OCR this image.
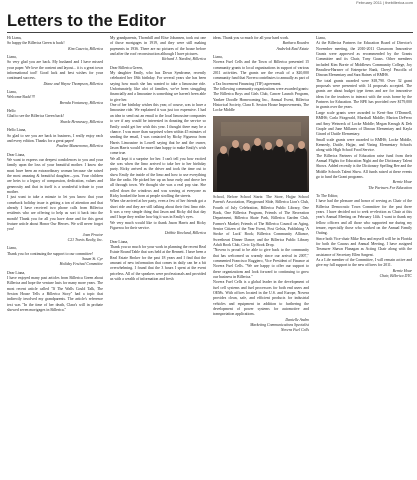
February 2011 | thebillerica.com
Letters to the Editor

Hi Liana,

So happy the Billerica Green is back!

Kim Caserta, Billerica

Liana,

So very glad you are back. My husband and I have missed your paper. We love the content and layout... it is a great town informational tool! Good luck and best wishes for your continued success.

Diane and Wayne Thompson, Billerica

Liana,

Welcome Back!!!!

Brenda Fontanesy, Billerica

Hello

Glad to see the Billerica Green back!

Sharla Hennessey, Billerica

Hello Liana,

So glad to see you are back in business, I really enjoy each and every edition. Thanks for a great paper!

Pauline Mazzenomo, Billerica

Dear Liana,

We want to express our deepest condolences to you and your family upon the loss of your beautiful mother. I know she must have been an extraordinary woman because she raised the most amazing & beautiful daughter—you. Your children are heirs to a legacy of compassion, dedication, values and generosity and that in itself is a wonderful tribute to your mother.

I just want to take a minute to let you know that your comeback holiday issue is getting a ton of attention and that already I have received two phone calls from Billerica residents who are offering to help us sort it back into the month! Thank you for all you have done and for this great feature article about Honor Our Heroes. We will never forget you!

Joan Proctor

C21 Travis Realty, Inc.

Liana,

Thank you for continuing the support to our committee!

Susan St. Cyr

Holiday Festival Committee

Dear Liana,

I have enjoyed many past articles from Billerica Green about Billerica and hope the venture lasts for many more years. The most recent article called "If The Walls Could Talk, The Sexton House Tells a Billerica Story" had a topic that indirectly involved my grandparents. The article's reference text was "In the time of her death, Clara's will in probate showed seven mortgages in Billerica."

My grandparents, Thornhill and Elise Johansen, took out one of those mortgages in 1919, and they were still making payments in 1936. There are no pictures of the house before and after the roof reconstruction although I have pictures.

Richard J. Nardini, Billerica

Dear Billerica Green,

My daughter Emily, who has Down Syndrome, recently celebrated her 18th birthday. For several years she has been saying how much she has wanted to take a limousine ride. Unfortunately, like alot of families, we've been struggling financially and a limousine is something we haven't been able to give her.

One of her birthday wishes this year, of course, was to have a limousine ride. We explained it was just too expensive. I had an idea to send out an email to the local limousine companies to see if any would be interested in donating the service so Emily could get her wish this year. I thought there may be a chance. I was more than surprised when within 45 minutes of sending the email, I was contacted by Ricky Figueroa from Harris Limousine in Lowell saying that he and the owner, Jason Harris would be more than happy to make Emily's wish come true.

We all kept it a surprise for her. I can't tell you how excited she was when the limo arrived to take her to her birthday party. Ricky arrived as the driver and took the time out to show Emily the inside of the limo and how to use everything like the radio. He picked her up an hour early and drove her all through town. We thought she was a real pop star. She rolled down the windows and was waving at everyone as Ricky honked the horn at people strolling the streets.

When she arrived at her party, even a few of her friends got a short ride and they are still talking about their first limo ride. It was a very simple thing that Jason and Ricky did that day and I hope they realize how big it was in Emily's eyes.

We very much would like to thank Jason Harris and Ricky Figueroa for their service.

Debbie Rowland, Billerica

Dear Liana,

Thank you so much for your work in planning the recent Real Estate Round Table that was held at the Bennett. I have been a Real Estate Broker for the past 18 years and I find that the amount of new information that comes in daily can be a bit overwhelming. I found that the 3 hours I spent at the event priceless. All of the speakers were professionals and provided us with a wealth of information and fresh

ideas. Thank you so much for all your hard work.

Barbara Rowden

Andrelok Real Estate

Liana,

Novera Fuel Cells and the Town of Billerica presented 15 community grants to local organizations in support of various 2011 activities. The grants are the result of a $20,000 community fund that Novera contributes to annually as part of a Tax Increment Financing (TIF) agreement.

The following community organizations were awarded grants: The Billerica Boys and Girls Club, Cancer Launch Program, Yankee Doodle Homecoming Inc., Annual Event, Billerica Historical Society, Clara E. Sexton House Improvements, The Locke Middle

School, Before School Starts: The Store, Hajjar School Parent's Association, Playground Slide, Billerica Lion's Club, Fourth of July Celebration, Billerica Public Library, One Book, One Billerica Program, Friends of The Recreation Department, Billerica Skate Park, Billerica Garden Club, Farmer's Market; Friends of The Billerica Council on Aging, Senior Citizen of the Year Event, Post Gelsia, Publishing 'A Stroke of Luck' Book; Billerica Community Alliance, Sweetheart Dinner Dance; and the Billerica Public Library Adult Book Club, Civic Up Book Drop.

"Novera is proud to be able to give back to the community that has welcomed us warmly since our arrival in 2007," commented Francisco Ruggiero, Vice President of Finance at Novera Fuel Cells. "We are happy to offer our support to these organizations and look forward to continuing to grow our business in Billerica."

Novera Fuel Cells is a global leader in the development of fuel cell systems and fuel processors for both end users and OEMs. With offices located in the U.S. and Europe, Novera provides clean, safe, and efficient products for industrial vehicles and equipment in addition to furthering the development of power systems for automotive and transportation applications.

Danielle Andro

Marketing Communications Specialist

Novera Fuel Cells

Liana,

At the Billerica Partners for Education Board of Director's November meeting, the 2010-2011 Classroom Innovative Grants were approved as recommended by the Grants Committee and its Chair, Tony Gauss. Other members included Kim Borrie of Middlesex Community College, Joy Beaulieu-Harsner of Enterprise Bank, Cheryl Pascolla of Dinoun Elementary and Sara Baines of BMHS.

The total grants awarded were $18,790. Over 32 grant proposals were presented with 14 proposals accepted. The grants are about budget type items and are for innovative ideas for the teachers to interact with the costs borne by the Partners for Education. The BPE has provided over $179,000 in grants over the years.

Large scale grants were awarded to Kerri-Ann O'Donnell, BMHS; Carla Fitzgerald, Marshall Middle; Marion DeFerro and Amy Weinreck of Locke Middle; Megan Keough & Deb Graple and June Millanes of Dinoun Elementary and Kayla Girard of Dutile Elementary.

Small scale grants were awarded to BMHS; Locke Middle, Kennedy, Dutile, Hajjar, and Vining Elementary Schools along with High School Food Service.

The Billerica Partners of Education raise fund from their Annual Flights for Education Night and the Dictionary Talent Shows. Added recently is the Dictionary Spelling Bee and the Middle Schools Talent Show. All funds raised at these events go to fund the Grant programs.

Bernie Hoar

The Partners For Education

To The Editor,

I have had the pleasure and honor of serving as Chair of the Billerica Democratic Town Committee for the past three years. I have decided not to seek re-election as Chair at this year's Annual Meeting on February 14th. I want to thank my fellow officers and all those who supported me during my tenure, especially those who worked on the Annual Family Outing.

Since both Vice-chair Mike Rea and myself will be in Florida for both the Caucus and Annual Meeting, I have assigned Treasurer Shawn Flanagan as Acting Chair along with the assistance of Secretary Ellen Sargent.

As a Life member of the Committee, I will remain active and give my full support to the new officers for 2011.

Bernie Hoar

Chair, Billerica DTC
